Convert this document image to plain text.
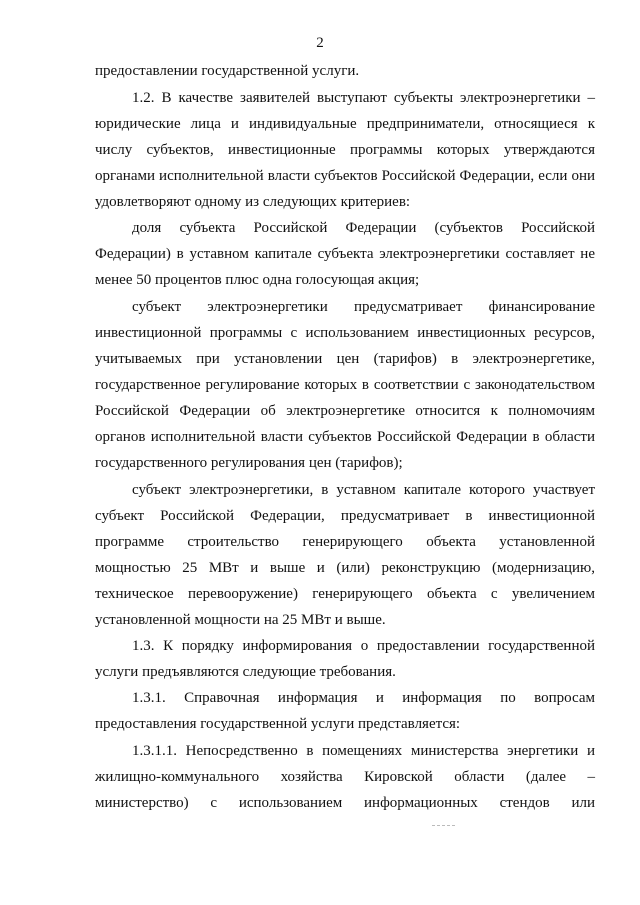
2
предоставлении государственной услуги.
1.2. В качестве заявителей выступают субъекты электроэнергетики –
юридические лица и индивидуальные предприниматели, относящиеся к
числу субъектов, инвестиционные программы которых утверждаются
органами исполнительной власти субъектов Российской Федерации, если они
удовлетворяют одному из следующих критериев:
доля субъекта Российской Федерации (субъектов Российской
Федерации) в уставном капитале субъекта электроэнергетики составляет не
менее 50 процентов плюс одна голосующая акция;
субъект электроэнергетики предусматривает финансирование
инвестиционной программы с использованием инвестиционных ресурсов,
учитываемых при установлении цен (тарифов) в электроэнергетике,
государственное регулирование которых в соответствии с законодательством
Российской Федерации об электроэнергетике относится к полномочиям
органов исполнительной власти субъектов Российской Федерации в области
государственного регулирования цен (тарифов);
субъект электроэнергетики, в уставном капитале которого участвует
субъект Российской Федерации, предусматривает в инвестиционной
программе строительство генерирующего объекта установленной
мощностью 25 МВт и выше и (или) реконструкцию (модернизацию,
техническое перевооружение) генерирующего объекта с увеличением
установленной мощности на 25 МВт и выше.
1.3. К порядку информирования о предоставлении государственной
услуги предъявляются следующие требования.
1.3.1. Справочная информация и информация по вопросам
предоставления государственной услуги представляется:
1.3.1.1. Непосредственно в помещениях министерства энергетики и
жилищно-коммунального хозяйства Кировской области (далее –
министерство) с использованием информационных стендов или
